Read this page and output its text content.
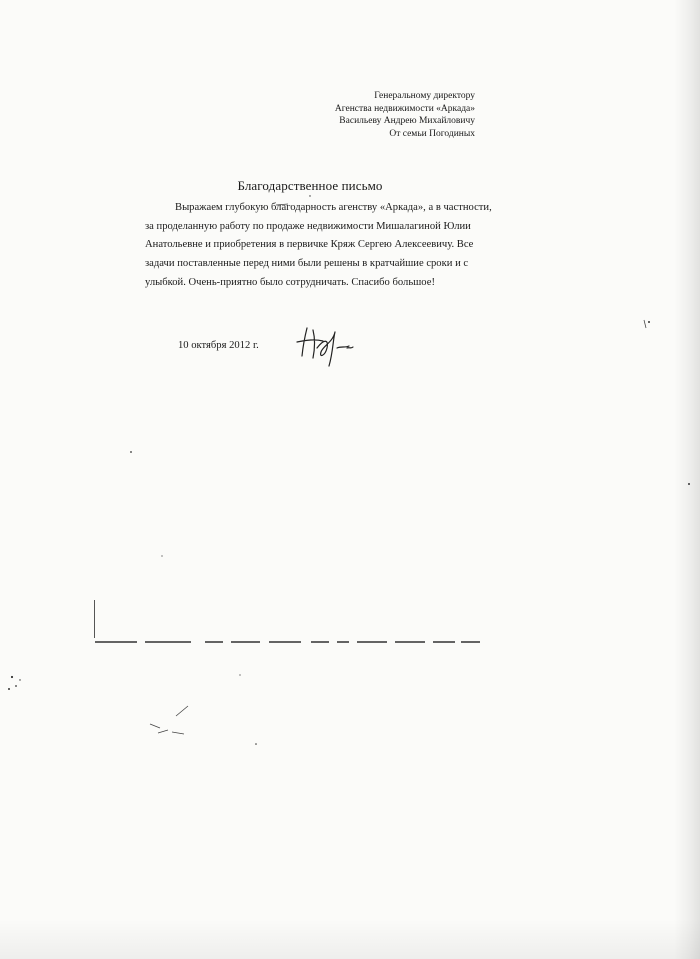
Генеральному директору
Агенства недвижимости «Аркада»
Васильеву Андрею Михайловичу
От семьи Погодиных
Благодарственное письмо
Выражаем глубокую благодарность агенству «Аркада», а в частности,
за проделанную работу по продаже недвижимости Мишалагиной Юлии
Анатольевне и приобретения в первичке Кряж Сергею Алексеевичу. Все
задачи поставленные перед ними были решены в кратчайшие сроки и с
улыбкой. Очень-приятно было сотрудничать. Спасибо большое!
10 октября 2012 г.
